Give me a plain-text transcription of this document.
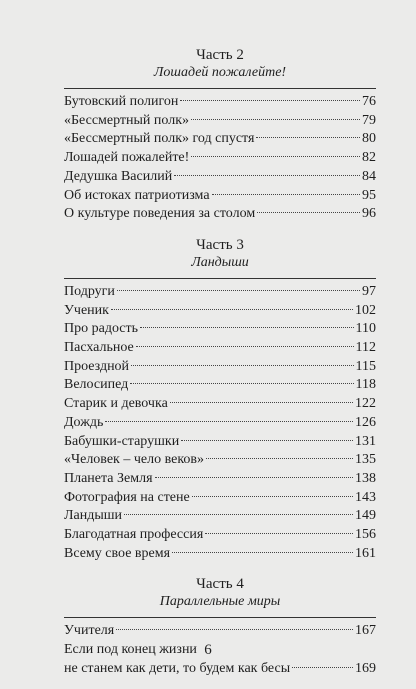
Часть 2

Лошадей пожалейте!

Бутовский полигон	76
«Бессмертный полк»	79
«Бессмертный полк» год спустя	80
Лошадей пожалейте!	82
Дедушка Василий	84
Об истоках патриотизма	95
О культуре поведения за столом	96

Часть 3

Ландыши

Подруги	97
Ученик	102
Про радость	110
Пасхальное	112
Проездной	115
Велосипед	118
Старик и девочка	122
Дождь	126
Бабушки-старушки	131
«Человек – чело веков»	135
Планета Земля	138
Фотография на стене	143
Ландыши	149
Благодатная профессия	156
Всему свое время	161

Часть 4

Параллельные миры

Учителя	167
Если под конец жизни
не станем как дети, то будем как бесы	169
6
